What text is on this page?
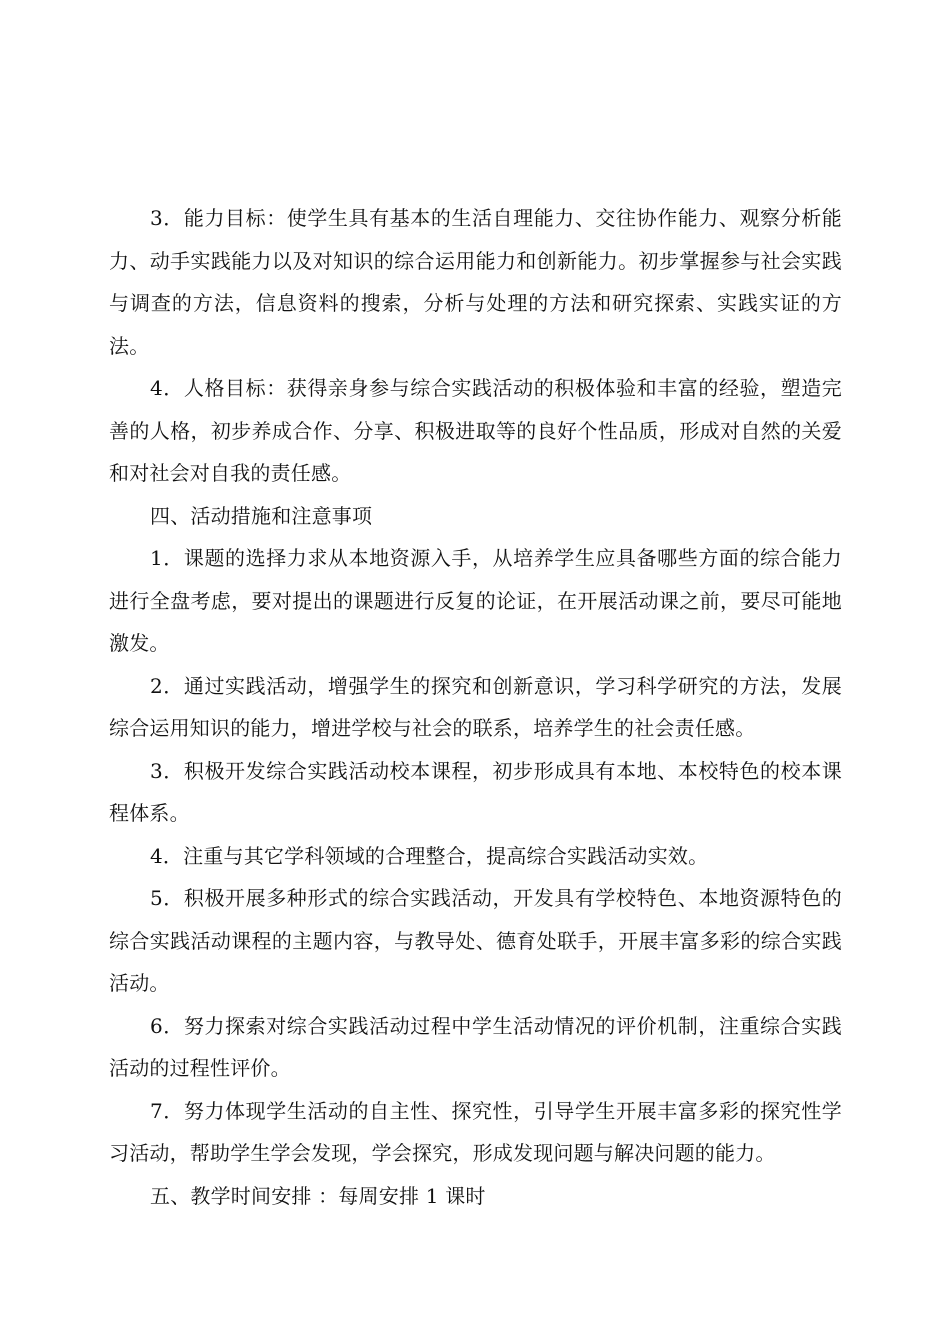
3．能力目标：使学生具有基本的生活自理能力、交往协作能力、观察分析能力、动手实践能力以及对知识的综合运用能力和创新能力。初步掌握参与社会实践与调查的方法，信息资料的搜索，分析与处理的方法和研究探索、实践实证的方法。

4．人格目标：获得亲身参与综合实践活动的积极体验和丰富的经验，塑造完善的人格，初步养成合作、分享、积极进取等的良好个性品质，形成对自然的关爱和对社会对自我的责任感。

四、活动措施和注意事项

1．课题的选择力求从本地资源入手，从培养学生应具备哪些方面的综合能力进行全盘考虑，要对提出的课题进行反复的论证，在开展活动课之前，要尽可能地激发。

2．通过实践活动，增强学生的探究和创新意识，学习科学研究的方法，发展综合运用知识的能力，增进学校与社会的联系，培养学生的社会责任感。

3．积极开发综合实践活动校本课程，初步形成具有本地、本校特色的校本课程体系。

4．注重与其它学科领域的合理整合，提高综合实践活动实效。

5．积极开展多种形式的综合实践活动，开发具有学校特色、本地资源特色的综合实践活动课程的主题内容，与教导处、德育处联手，开展丰富多彩的综合实践活动。

6．努力探索对综合实践活动过程中学生活动情况的评价机制，注重综合实践活动的过程性评价。

7．努力体现学生活动的自主性、探究性，引导学生开展丰富多彩的探究性学习活动，帮助学生学会发现，学会探究，形成发现问题与解决问题的能力。

五、教学时间安排 ：每周安排 1 课时
